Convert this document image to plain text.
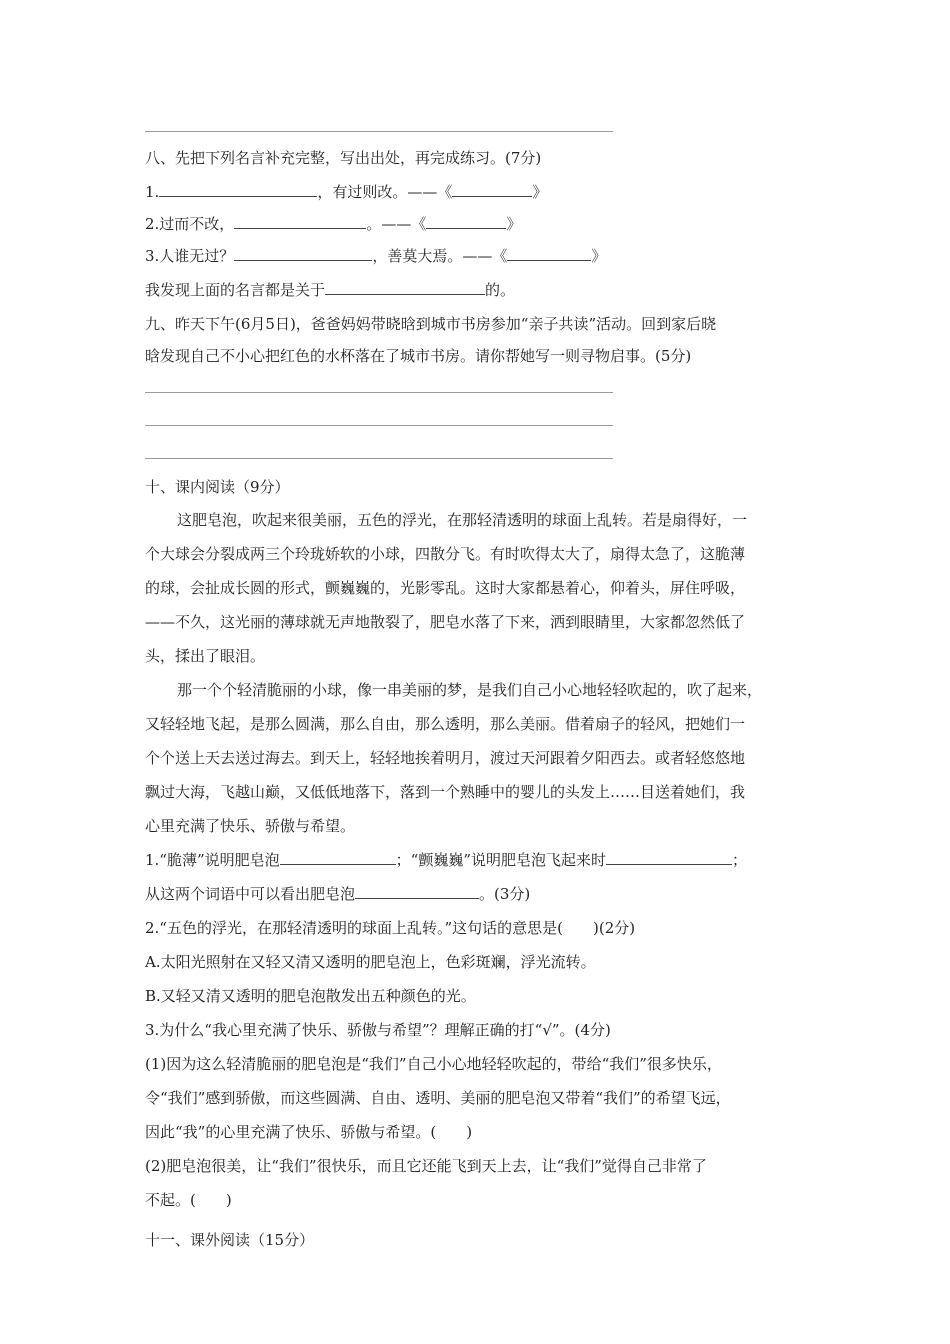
八、先把下列名言补充完整，写出出处，再完成练习。(7分)
1.	，有过则改。——《	》
2.过而不改，	。——《	》
3.人谁无过？	，善莫大焉。——《	》
我发现上面的名言都是关于	的。
九、昨天下午(6月5日)，爸爸妈妈带晓晗到城市书房参加“亲子共读”活动。回到家后晓
晗发现自己不小心把红色的水杯落在了城市书房。请你帮她写一则寻物启事。(5分)
十、课内阅读（9分）
这肥皂泡，吹起来很美丽，五色的浮光，在那轻清透明的球面上乱转。若是扇得好，一
个大球会分裂成两三个玲珑娇软的小球，四散分飞。有时吹得太大了，扇得太急了，这脆薄
的球，会扯成长圆的形式，颤巍巍的，光影零乱。这时大家都悬着心，仰着头，屏住呼吸，
——不久，这光丽的薄球就无声地散裂了，肥皂水落了下来，洒到眼睛里，大家都忽然低了
头，揉出了眼泪。
那一个个轻清脆丽的小球，像一串美丽的梦，是我们自己小心地轻轻吹起的，吹了起来，
又轻轻地飞起，是那么圆满，那么自由，那么透明，那么美丽。借着扇子的轻风，把她们一
个个送上天去送过海去。到天上，轻轻地挨着明月，渡过天河跟着夕阳西去。或者轻悠悠地
飘过大海，飞越山巅，又低低地落下，落到一个熟睡中的婴儿的头发上……目送着她们，我
心里充满了快乐、骄傲与希望。
1.“脆薄”说明肥皂泡	；“颤巍巍”说明肥皂泡飞起来时	；
从这两个词语中可以看出肥皂泡	。(3分)
2.“五色的浮光，在那轻清透明的球面上乱转。”这句话的意思是(　　)(2分)
A.太阳光照射在又轻又清又透明的肥皂泡上，色彩斑斓，浮光流转。
B.又轻又清又透明的肥皂泡散发出五种颜色的光。
3.为什么“我心里充满了快乐、骄傲与希望”？理解正确的打“√”。(4分)
(1)因为这么轻清脆丽的肥皂泡是“我们”自己小心地轻轻吹起的，带给“我们”很多快乐，
令“我们”感到骄傲，而这些圆满、自由、透明、美丽的肥皂泡又带着“我们”的希望飞远，
因此“我”的心里充满了快乐、骄傲与希望。(　　)
(2)肥皂泡很美，让“我们”很快乐，而且它还能飞到天上去，让“我们”觉得自己非常了
不起。(　　)
十一、课外阅读（15分）
